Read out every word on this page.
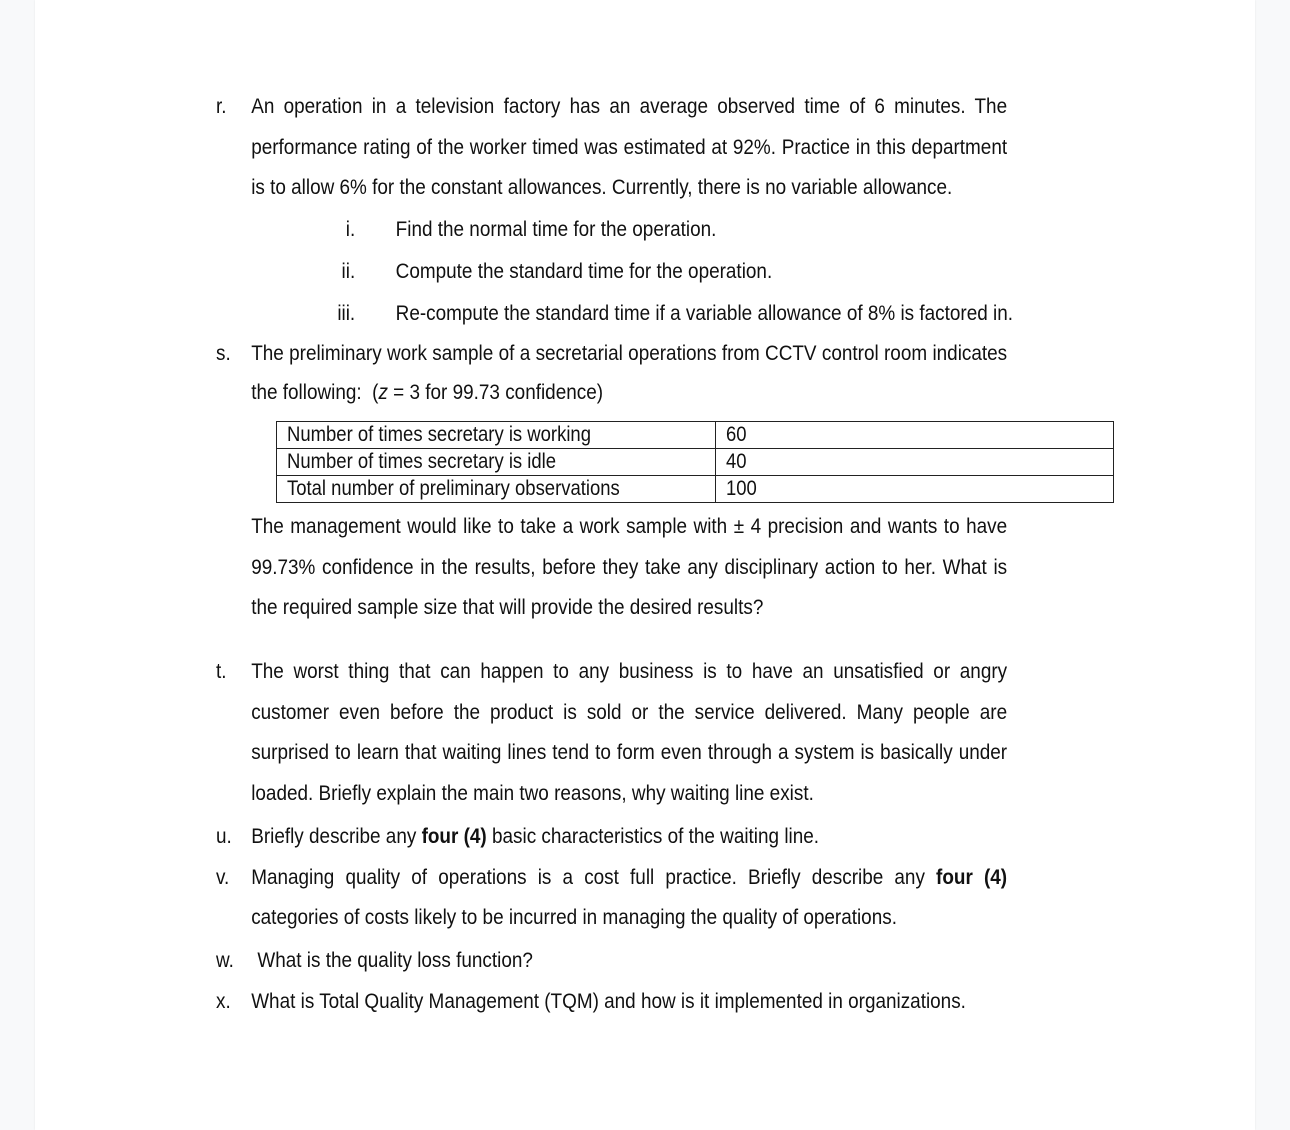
r. An operation in a television factory has an average observed time of 6 minutes. The performance rating of the worker timed was estimated at 92%. Practice in this department is to allow 6% for the constant allowances. Currently, there is no variable allowance.
i. Find the normal time for the operation.
ii. Compute the standard time for the operation.
iii. Re-compute the standard time if a variable allowance of 8% is factored in.
s. The preliminary work sample of a secretarial operations from CCTV control room indicates the following: (z = 3 for 99.73 confidence)
Number of times secretary is working	60
Number of times secretary is idle	40
Total number of preliminary observations	100
The management would like to take a work sample with ± 4 precision and wants to have 99.73% confidence in the results, before they take any disciplinary action to her. What is the required sample size that will provide the desired results?
t. The worst thing that can happen to any business is to have an unsatisfied or angry customer even before the product is sold or the service delivered. Many people are surprised to learn that waiting lines tend to form even through a system is basically under loaded. Briefly explain the main two reasons, why waiting line exist.
u. Briefly describe any four (4) basic characteristics of the waiting line.
v. Managing quality of operations is a cost full practice. Briefly describe any four (4) categories of costs likely to be incurred in managing the quality of operations.
w. What is the quality loss function?
x. What is Total Quality Management (TQM) and how is it implemented in organizations.
